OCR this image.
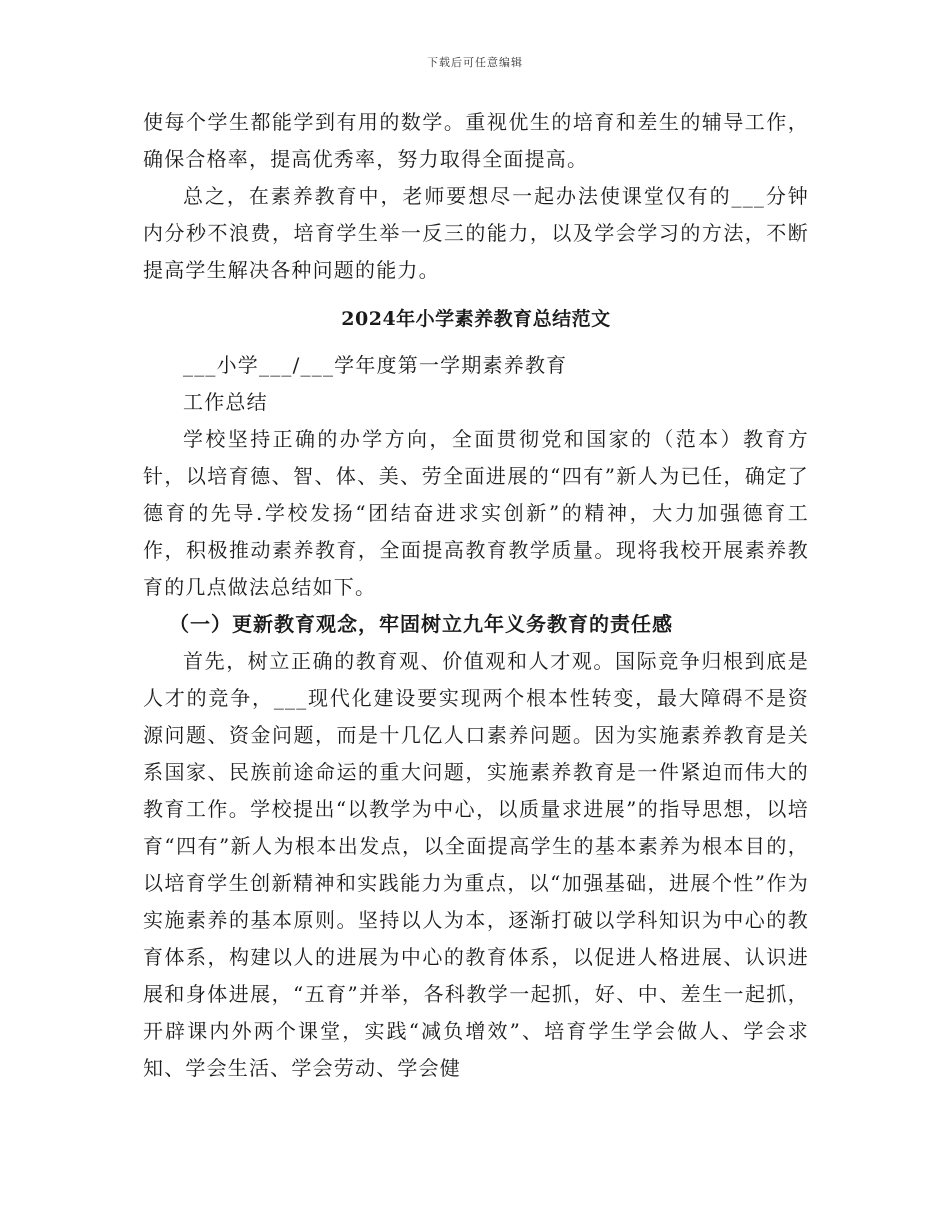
下载后可任意编辑

使每个学生都能学到有用的数学。重视优生的培育和差生的辅导工作，确保合格率，提高优秀率，努力取得全面提高。

总之，在素养教育中，老师要想尽一起办法使课堂仅有的___分钟内分秒不浪费，培育学生举一反三的能力，以及学会学习的方法，不断提高学生解决各种问题的能力。

2024年小学素养教育总结范文

___小学___/___学年度第一学期素养教育

工作总结

学校坚持正确的办学方向，全面贯彻党和国家的（范本）教育方针，以培育德、智、体、美、劳全面进展的“四有”新人为已任，确定了德育的先导.学校发扬“团结奋进求实创新”的精神，大力加强德育工作，积极推动素养教育，全面提高教育教学质量。现将我校开展素养教育的几点做法总结如下。

（一）更新教育观念，牢固树立九年义务教育的责任感

首先，树立正确的教育观、价值观和人才观。国际竞争归根到底是人才的竞争，___现代化建设要实现两个根本性转变，最大障碍不是资源问题、资金问题，而是十几亿人口素养问题。因为实施素养教育是关系国家、民族前途命运的重大问题，实施素养教育是一件紧迫而伟大的教育工作。学校提出“以教学为中心，以质量求进展”的指导思想，以培育“四有”新人为根本出发点，以全面提高学生的基本素养为根本目的，以培育学生创新精神和实践能力为重点，以“加强基础，进展个性”作为实施素养的基本原则。坚持以人为本，逐渐打破以学科知识为中心的教育体系，构建以人的进展为中心的教育体系，以促进人格进展、认识进展和身体进展，“五育”并举，各科教学一起抓，好、中、差生一起抓，开辟课内外两个课堂，实践“减负增效”、培育学生学会做人、学会求知、学会生活、学会劳动、学会健
